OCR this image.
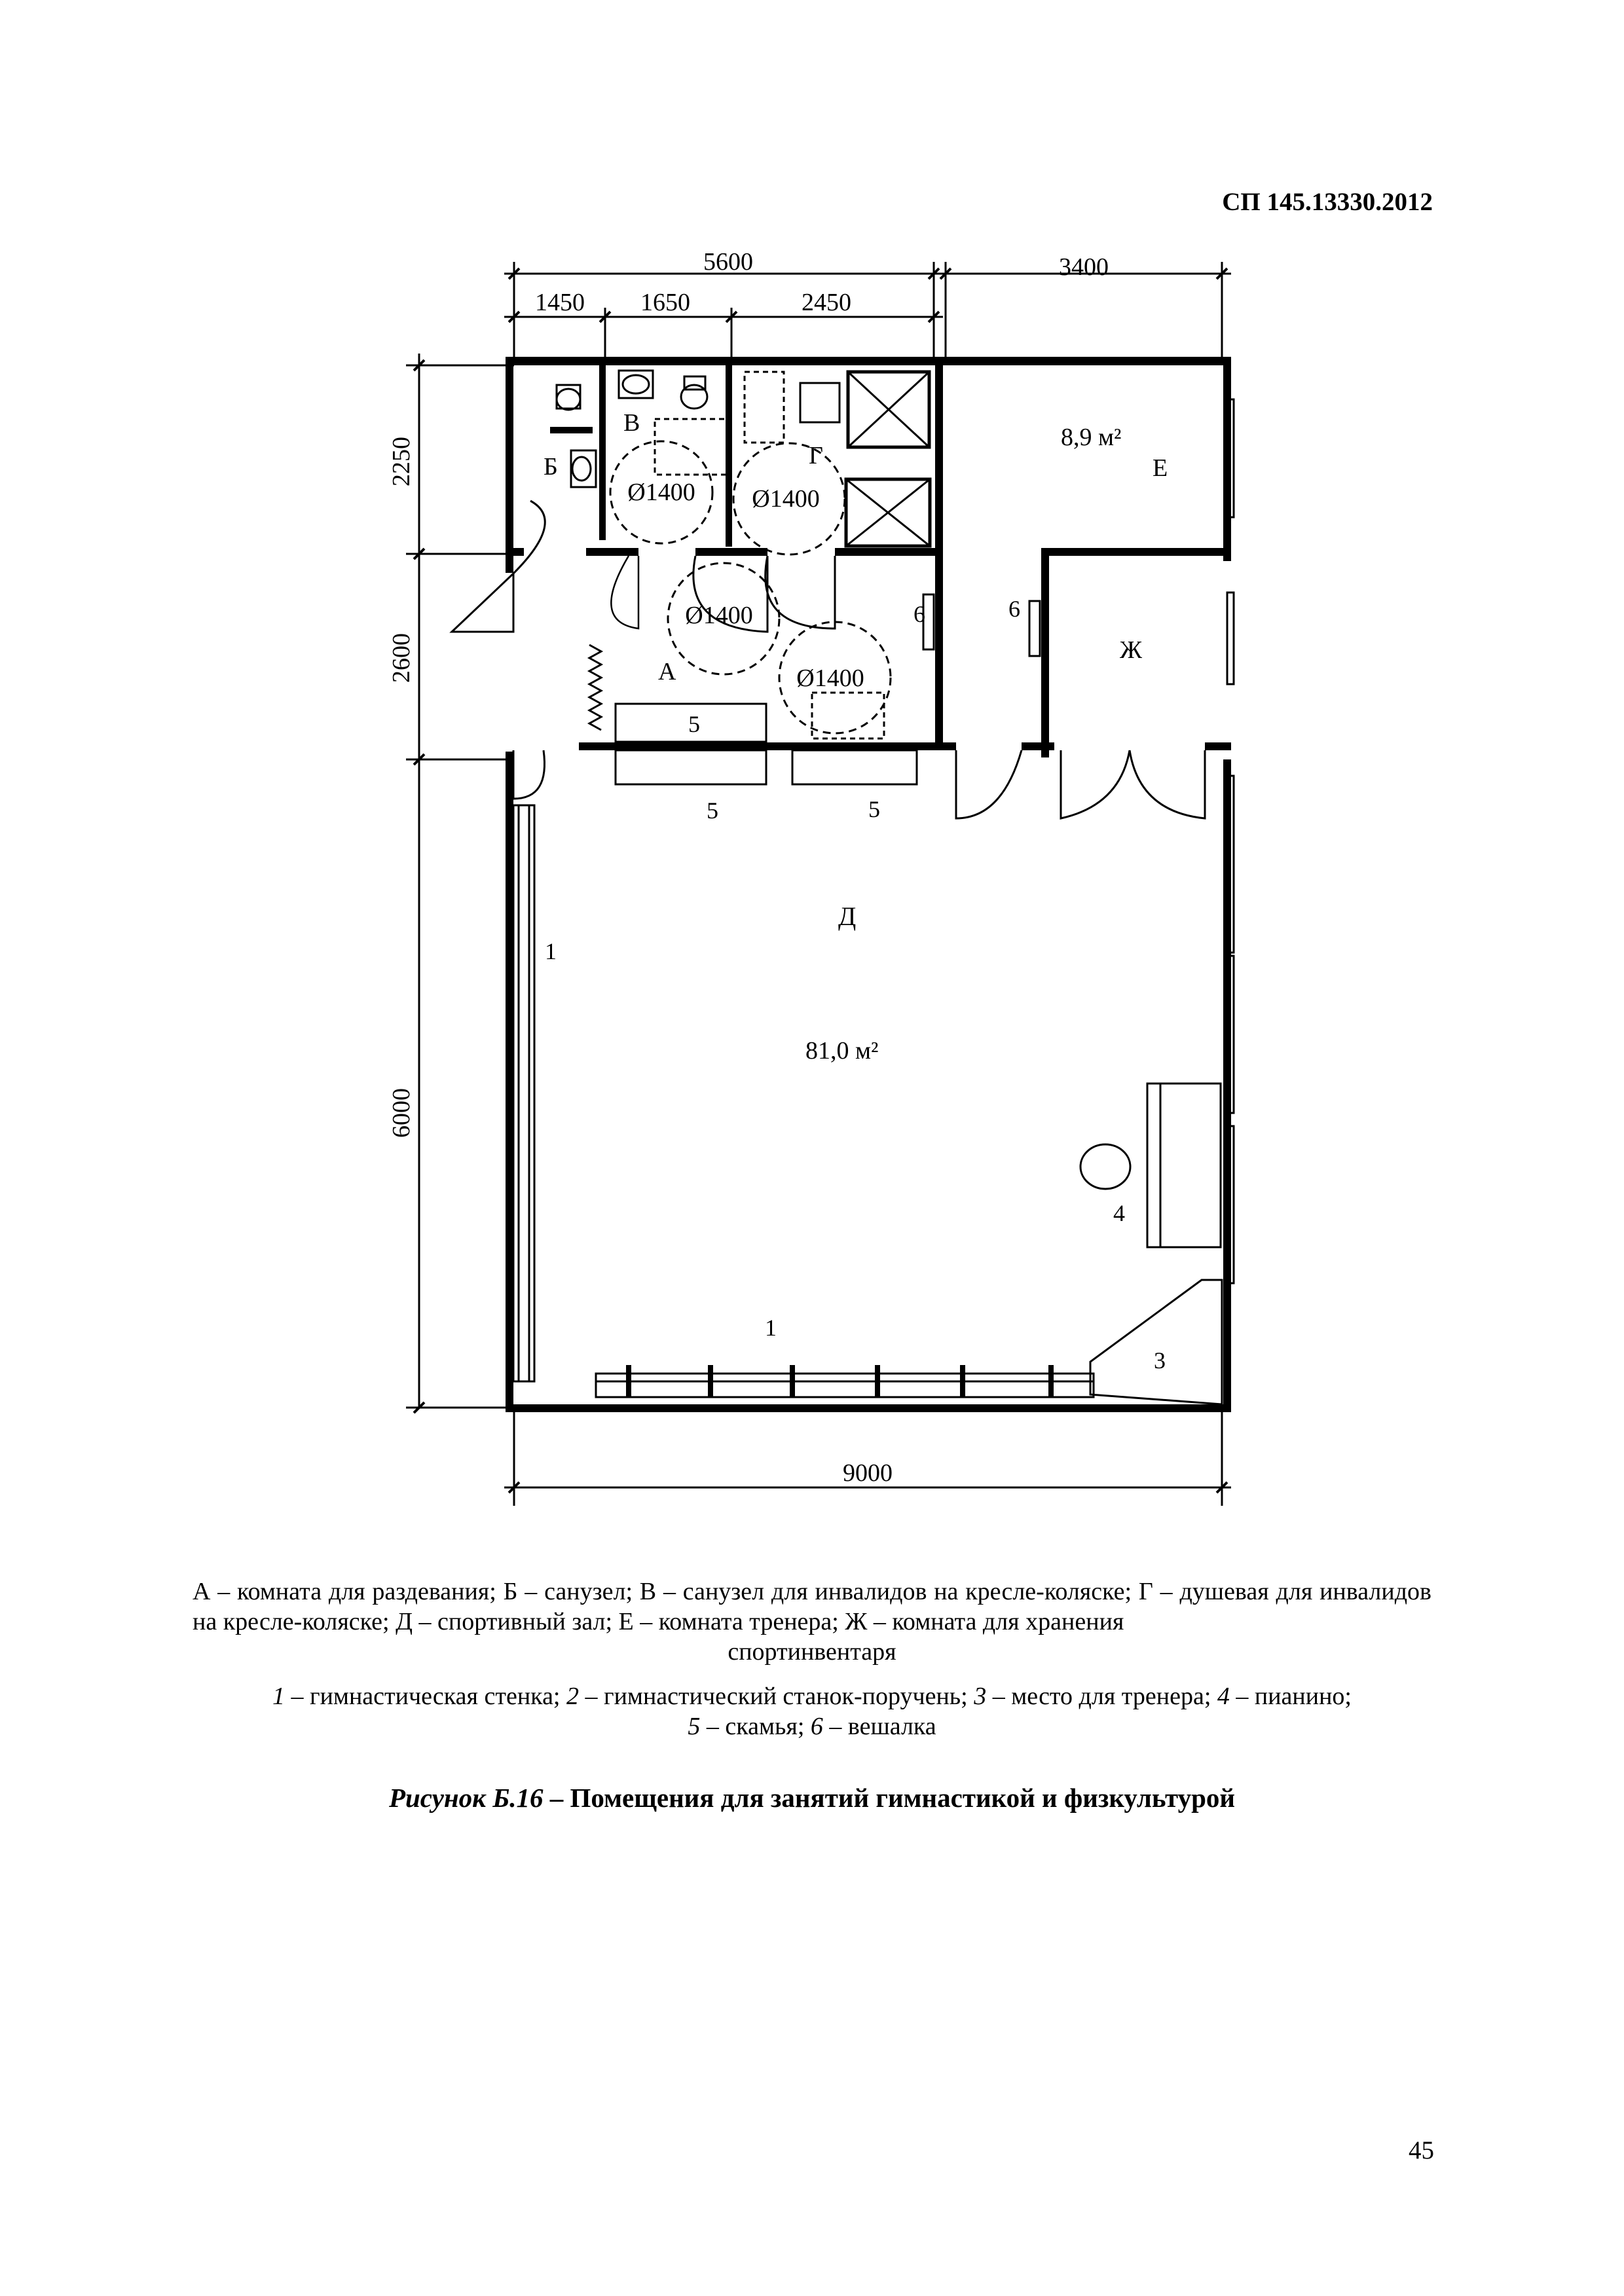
СП 145.13330.2012
5600	3400
1450 1650	2450
2250
2600
6000
9000
Ø1400 Ø1400
Ø1400
Ø1400
Б
В
Г
А
Д
Е
Ж
8,9 м²
81,0 м²
5
5	5
6	6
1
1
4
3
А – комната для раздевания; Б – санузел; В – санузел для инвалидов на кресле-коляске; Г – душевая для инвалидов на кресле-коляске; Д – спортивный зал; Е – комната тренера; Ж – комната для хранения
спортинвентаря
1 – гимнастическая стенка; 2 – гимнастический станок-поручень; 3 – место для тренера; 4 – пианино;
5 – скамья; 6 – вешалка
Рисунок Б.16 – Помещения для занятий гимнастикой и физкультурой
45
